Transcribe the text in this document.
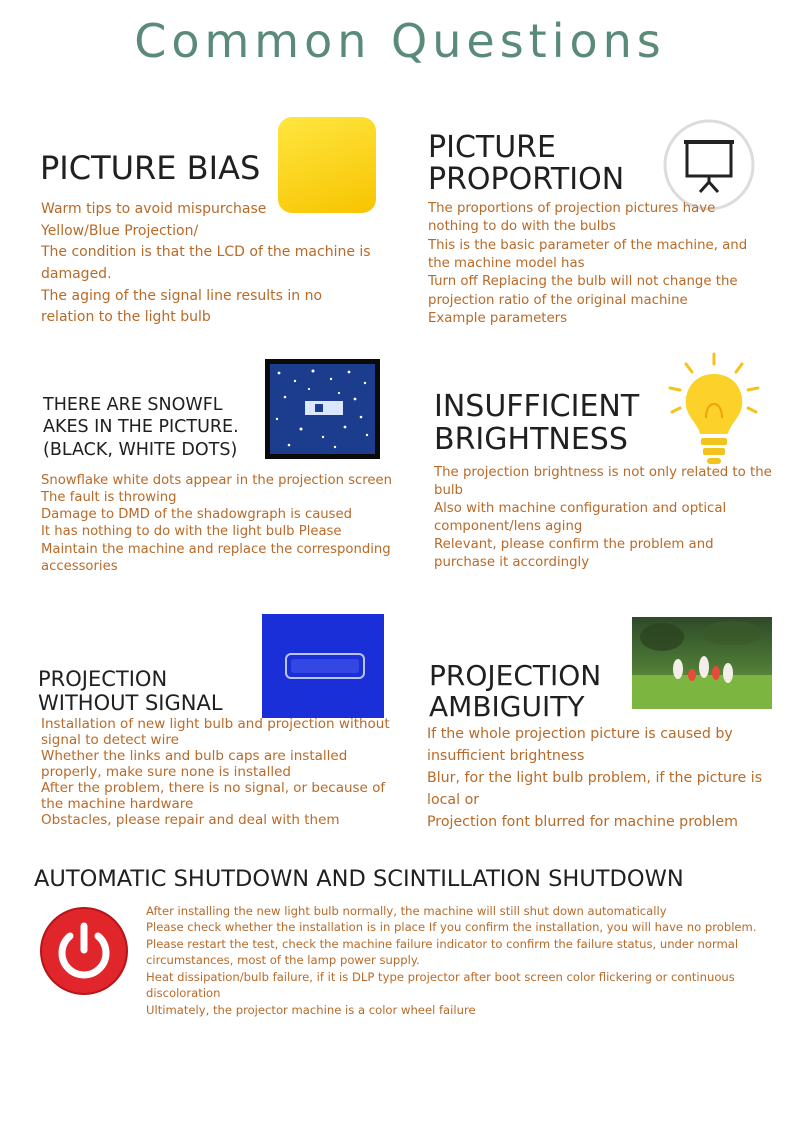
Common Questions
PICTURE BIAS
Warm tips to avoid mispurchase
Yellow/Blue Projection/
The condition is that the LCD of the machine is damaged.
The aging of the signal line results in no relation to the light bulb
PICTURE
PROPORTION
The proportions of projection pictures have nothing to do with the bulbs
This is the basic parameter of the machine, and the machine model has
Turn off Replacing the bulb will not change the projection ratio of the original machine
Example parameters
THERE ARE SNOWFL
AKES IN THE PICTURE.
(BLACK, WHITE DOTS)
Snowflake white dots appear in the projection screen The fault is throwing
Damage to DMD of the shadowgraph is caused
It has nothing to do with the light bulb Please Maintain the machine and replace the corresponding accessories
INSUFFICIENT
BRIGHTNESS
The projection brightness is not only related to the bulb
Also with machine configuration and optical component/lens aging
Relevant, please confirm the problem and purchase it accordingly
PROJECTION
WITHOUT SIGNAL
Installation of new light bulb and projection without signal to detect wire
Whether the links and bulb caps are installed properly, make sure none is installed
After the problem, there is no signal, or because of the machine hardware
Obstacles, please repair and deal with them
PROJECTION
AMBIGUITY
If the whole projection picture is caused by insufficient brightness
Blur, for the light bulb problem, if the picture is local or
Projection font blurred for machine problem
AUTOMATIC SHUTDOWN AND SCINTILLATION SHUTDOWN
After installing the new light bulb normally, the machine will still shut down automatically
Please check whether the installation is in place If you confirm the installation, you will have no problem.
Please restart the test, check the machine failure indicator to confirm the failure status, under normal circumstances, most of the lamp power supply.
Heat dissipation/bulb failure, if it is DLP type projector after boot screen color flickering or continuous discoloration
Ultimately, the projector machine is a color wheel failure
